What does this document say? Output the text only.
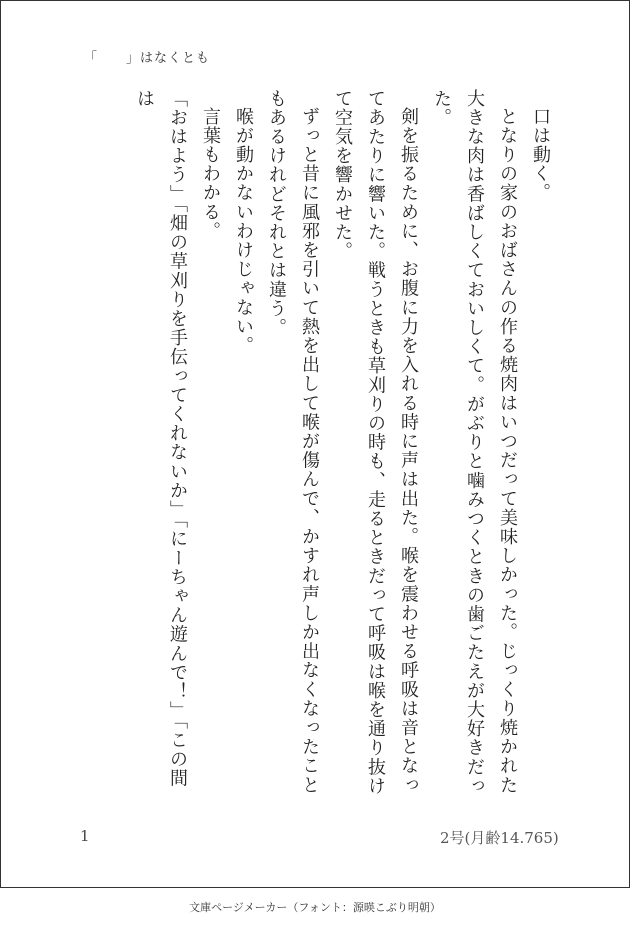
「　　」はなくとも

口は動く。

となりの家のおばさんの作る焼肉はいつだって美味しかった。じっくり焼かれた大きな肉は香ばしくておいしくて。がぶりと噛みつくときの歯ごたえが大好きだった。

剣を振るために、お腹に力を入れる時に声は出た。喉を震わせる呼吸は音となってあたりに響いた。戦うときも草刈りの時も、走るときだって呼吸は喉を通り抜けて空気を響かせた。

ずっと昔に風邪を引いて熱を出して喉が傷んで、かすれ声しか出なくなったこともあるけれどそれとは違う。

喉が動かないわけじゃない。

言葉もわかる。

「おはよう」「畑の草刈りを手伝ってくれないか」「にーちゃん遊んで！」「この間は

1	2号(月齢14.765)
文庫ページメーカー（フォント：源暎こぶり明朝）
